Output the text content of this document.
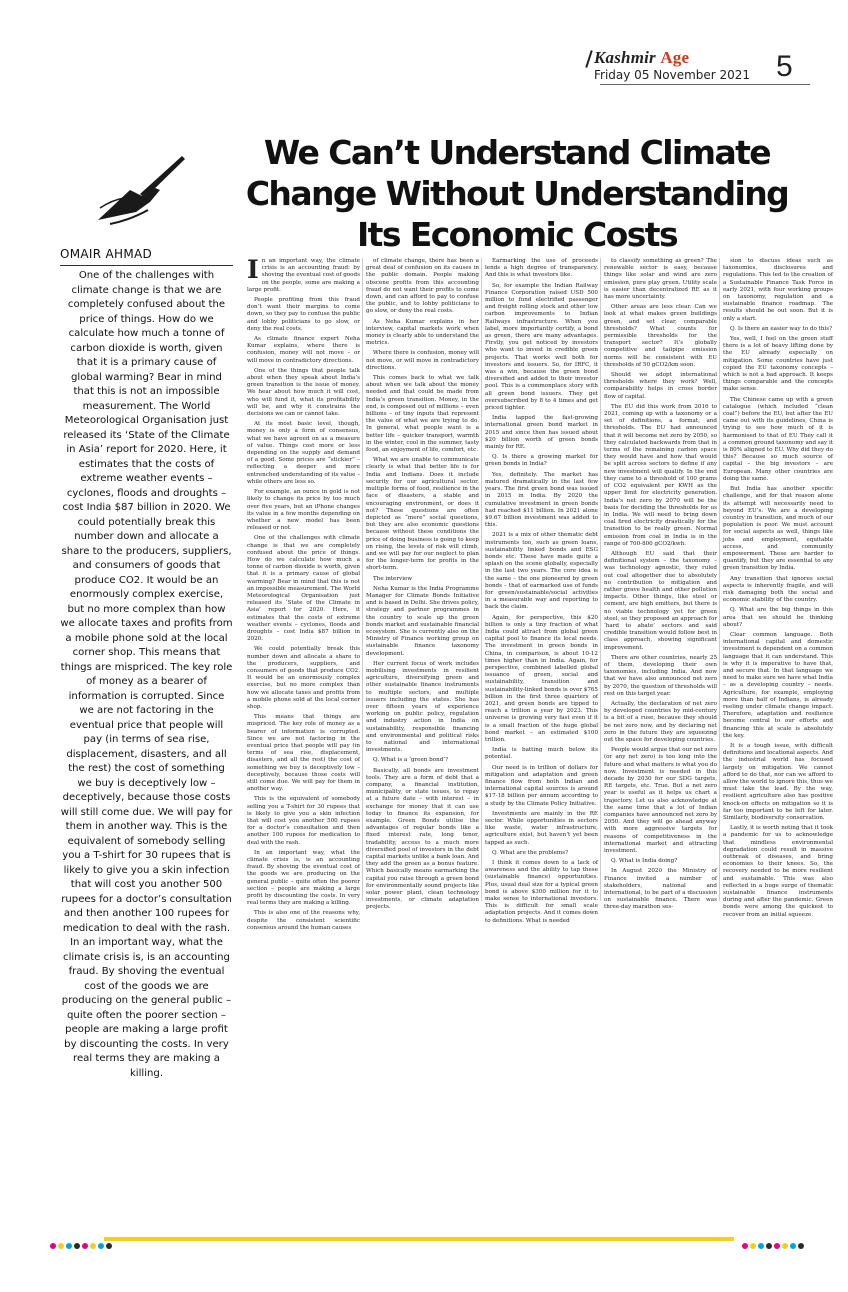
Kashmir Age
Friday 05 November 2021 5
We Can’t Understand Climate Change Without Understanding Its Economic Costs
OMAIR AHMAD
One of the challenges with climate change is that we are completely confused about the price of things. How do we calculate how much a tonne of carbon dioxide is worth, given that it is a primary cause of global warming? Bear in mind that this is not an impossible measurement. The World Meteorological Organisation just released its ‘State of the Climate in Asia’ report for 2020. Here, it estimates that the costs of extreme weather events – cyclones, floods and droughts – cost India $87 billion in 2020. We could potentially break this number down and allocate a share to the producers, suppliers, and consumers of goods that produce CO2. It would be an enormously complex exercise, but no more complex than how we allocate taxes and profits from a mobile phone sold at the local corner shop. This means that things are mispriced. The key role of money as a bearer of information is corrupted. Since we are not factoring in the eventual price that people will pay (in terms of sea rise, displacement, disasters, and all the rest) the cost of something we buy is deceptively low – deceptively, because those costs will still come due. We will pay for them in another way. This is the equivalent of somebody selling you a T-shirt for 30 rupees that is likely to give you a skin infection that will cost you another 500 rupees for a doctor’s consultation and then another 100 rupees for medication to deal with the rash. In an important way, what the climate crisis is, is an accounting fraud. By shoving the eventual cost of the goods we are producing on the general public – quite often the poorer section – people are making a large profit by discounting the costs. In very real terms they are making a killing.

In an important way, the climate crisis is an accounting fraud: by shoving the eventual cost of goods on the people, some are making a large profit.

People profiting from this fraud don’t want their margins to come down, so they pay to confuse the public and lobby politicians to go slow, or deny the real costs.

As climate finance expert Neha Kumar explains, where there is confusion, money will not move – or will move in contradictory directions.

One of the things that people talk about when they speak about India’s green transition is the issue of money. We hear about how much it will cost, who will fund it, what its profitability will be, and why it constrains the decisions we can or cannot take.

At its most basic level, though, money is only a form of consensus, what we have agreed on as a measure of value. Things cost more or less depending on the supply and demand of a good. Some prices are “stickier” – reflecting a deeper and more entrenched understanding of its value – while others are less so.

For example, an ounce in gold is not likely to change its price by too much over five years, but an iPhone changes its value in a few months depending on whether a new model has been released or not.

One of the challenges with climate change is that we are completely confused about the price of things. How do we calculate how much a tonne of carbon dioxide is worth, given that it is a primary cause of global warming? Bear in mind that this is not an impossible measurement. The World Meteorological Organisation just released its ‘State of the Climate in Asia’ report for 2020. Here, it estimates that the costs of extreme weather events – cyclones, floods and droughts – cost India $87 billion in 2020.

We could potentially break this number down and allocate a share to the producers, suppliers, and consumers of goods that produce CO2. It would be an enormously complex exercise, but no more complex than how we allocate taxes and profits from a mobile phone sold at the local corner shop.

This means that things are mispriced. The key role of money as a bearer of information is corrupted. Since we are not factoring in the eventual price that people will pay (in terms of sea rise, displacement, disasters, and all the rest) the cost of something we buy is deceptively low – deceptively, because those costs will still come due. We will pay for them in another way.

This is the equivalent of somebody selling you a T-shirt for 30 rupees that is likely to give you a skin infection that will cost you another 500 rupees for a doctor’s consultation and then another 100 rupees for medication to deal with the rash.

In an important way, what the climate crisis is, is an accounting fraud. By shoving the eventual cost of the goods we are producing on the general public – quite often the poorer section – people are making a large profit by discounting the costs. In very real terms they are making a killing.

This is also one of the reasons why, despite the consistent scientific consensus around the human causes

of climate change, there has been a great deal of confusion on its causes in the public domain. People making obscene profits from this accounting fraud do not want their profits to come down, and can afford to pay to confuse the public, and to lobby politicians to go slow, or deny the real costs.

As Neha Kumar explains in her interview, capital markets work when money is clearly able to understand the metrics.

Where there is confusion, money will not move, or will move in contradictory directions.

This comes back to what we talk about when we talk about the money needed and that could be made from India’s green transition. Money, in the end, is composed out of millions – even billions – of tiny inputs that represent the value of what we are trying to do. In general, what people want is a better life – quicker transport, warmth in the winter, cool in the summer, tasty food, an enjoyment of life, comfort, etc.

What we are unable to communicate clearly is what that better life is for India and Indians. Does it include security for our agricultural sector, multiple forms of food, resilience in the face of disasters, a stable and encouraging environment, or does it not? These questions are often depicted as “mere” social questions, but they are also economic questions because without these conditions the price of doing business is going to keep on rising, the levels of risk will climb, and we will pay for our neglect to plan for the longer-term for profits in the short-term.

The interview

Neha Kumar is the India Programme Manager for Climate Bonds Initiative and is based in Delhi. She drives policy, strategy and partner programmes in the country to scale up the green bonds market and sustainable financial ecosystem. She is currently also on the Ministry of Finance working group on sustainable finance taxonomy development.

Her current focus of work includes mobilising investments in resilient agriculture, diversifying green and other sustainable finance instruments to multiple sectors, and multiple issuers including the states. She has over fifteen years of experience working on public policy, regulation and industry action in India on sustainability, responsible financing and environmental and political risks to national and international investments.

Q. What is a ‘green bond’?

Basically, all bonds are investment tools. They are a form of debt that a company, a financial institution, municipality, or state issues, to repay at a future date – with interest – in exchange for money that it can use today to finance its expansion, for example. Green Bonds utilise the advantages of regular bonds like a fixed interest rate, long tenor, tradability, access to a much more diversified pool of investors in the debt capital markets unlike a bank loan. And they add the green as a bonus feature. Which basically means earmarking the capital you raise through a green bond for environmentally sound projects like solar power plant, clean technology investments, or climate adaptation projects.

Earmarking the use of proceeds lends a high degree of transparency. And this is what investors like.

So, for example the Indian Railway Finance Corporation raised USD 500 million to fund electrified passenger and freight rolling stock and other low carbon improvements to Indian Railways infrastructure. When you label, more importantly certify, a bond as green, there are many advantages. Firstly, you get noticed by investors who want to invest in credible green projects. That works well both for investors and issuers. So, for IRFC, it was a win, because the green bond diversified and added to their investor pool. This is a commonplace story with all green bond issuers. They get oversubscribed by 8 to 4 times and get priced tighter.

India tapped the fast-growing international green bond market in 2015 and since then has issued about $20 billion worth of green bonds mainly for RE.

Q. Is there a growing market for green bonds in India?

Yes, definitely. The market has matured dramatically in the last few years. The first green bond was issued in 2015 in India. By 2020 the cumulative investment in green bonds had reached $11 billion. In 2021 alone $9.67 billion investment was added to this.

2021 is a mix of other thematic debt instruments too, such as green loans, sustainability linked bonds and ESG bonds etc. These have made quite a splash on the scene globally, especially in the last two years. The core idea is the same – the one pioneered by green bonds – that of earmarked use of funds for green/sustainable/social activities in a measurable way and reporting to back the claim.

Again, for perspective, this $20 billion is only a tiny fraction of what India could attract from global green capital pool to finance its local needs. The investment in green bonds in China, in comparison, is about 10-12 times higher than in India. Again, for perspective, combined labelled global issuance of green, social and sustainability, transition and sustainability-linked bonds is over $765 billion in the first three quarters of 2021, and green bonds are tipped to reach a trillion a year by 2023. This universe is growing very fast even if it is a small fraction of the huge global bond market – an estimated $100 trillion.

India is batting much below its potential.

Our need is in trillion of dollars for mitigation and adaptation and green finance flow from both Indian and international capital sources is around $17-18 billion per annum according to a study by the Climate Policy Initiative.

Investments are mainly in the RE sector. While opportunities in sectors like waste, water infrastructure, agriculture exist, but haven’t yet been tapped as such.

Q. What are the problems?

I think it comes down to a lack of awareness and the ability to tap these (sustainable finance) opportunities. Plus, usual deal size for a typical green bond is above $300 million for it to make sense to international investors. This is difficult for small scale adaptation projects. And it comes down to definitions. What is needed

to classify something as green? The renewable sector is easy, because things like solar and wind are zero emission, pure play green. Utility scale is easier than decentralized RE as it has more uncertainty.

Other areas are less clear. Can we look at what makes green buildings green, and set clear, comparable thresholds? What counts for permissible thresholds for the transport sector? It’s globally competitive and tailpipe emission norms will be consistent with EU thresholds of 50 gCO2/km soon.

Should we adopt international thresholds where they work? Well, comparability helps in cross border flow of capital.

The EU did this work from 2016 to 2021, coming up with a taxonomy or a set of definitions, a format, and thresholds. The EU had announced that it will become net zero by 2050, so they calculated backwards from that in terms of the remaining carbon space they would have and how that would be split across sectors to define if any new investment will qualify. In the end they came to a threshold of 100 grams of CO2 equivalent per KWH as the upper limit for electricity generation. India’s net zero by 2070 will be the basis for deciding the thresholds for us in India. We will need to bring down coal fired electricity drastically for the transition to be really green. Normal emission from coal in India is in the range of 700-800 gCO2/kwh.

Although EU said that their definitional system – the taxonomy – was technology agnostic, they ruled out coal altogether due to absolutely no contribution to mitigation and rather grave health and other pollution impacts. Other things, like steel or cement, are high emitters, but there is no viable technology yet for green steel, so they proposed an approach for ‘hard to abate’ sectors and said credible transition would follow best in class approach, showing significant improvement.

There are other countries, nearly 25 of them, developing their own taxonomies, including India. And now that we have also announced net zero by 2070, the question of thresholds will rest on this target year.

Actually, the declaration of net zero by developed countries by mid-century is a bit of a ruse, because they should be net zero now, and by declaring net zero in the future they are squeezing out the space for developing countries.

People would argue that our net zero (or any net zero) is too long into the future and what matters is what you do now. Investment is needed in this decade by 2030 for our SDG targets, RE targets, etc. True. But a net zero year is useful as it helps us chart a trajectory. Let us also acknowledge at the same time that a lot of Indian companies have announced net zero by 2050. And they will go ahead anyway with more aggressive targets for reasons of competitiveness in the international market and attracting investment.

Q. What is India doing?

In August 2020 the Ministry of Finance invited a number of stakeholders, national and international, to be part of a discussion on sustainable finance. There was three-day marathon ses-

sion to discuss ideas such as taxonomies, disclosures and regulations. This led to the creation of a Sustainable Finance Task Force in early 2021, with four working groups on taxonomy, regulation and a sustainable finance roadmap. The results should be out soon. But it is only a start.

Q. Is there an easier way to do this?

Yes, well, I feel on the green stuff there is a lot of heavy lifting done by the EU already especially on mitigation. Some countries have just copied the EU taxonomy concepts – which is not a bad approach. It keeps things comparable and the concepts make sense.

The Chinese came up with a green catalogue (which included “clean coal”) before the EU, but after the EU came out with its guidelines, China is trying to see how much of it is harmonised to that of EU They call it a common ground taxonomy and say it is 80% aligned to EU. Why did they do this? Because so much source of capital – the big investors – are European. Many other countries are doing the same.

But India has another specific challenge, and for that reason alone its attempt will necessarily need to beyond EU’s. We are a developing country in transition, and much of our population is poor. We must account for social aspects as well, things like jobs and employment, equitable access, and community empowerment. These are harder to quantify, but they are essential to any green transition by India.

Any transition that ignores social aspects is inherently fragile, and will risk damaging both the social and economic stability of the country.

Q. What are the big things in this area that we should be thinking about?

Clear common language. Both international capital and domestic investment is dependent on a common language that it can understand. This is why it is imperative to have that, and secure that. In that language we need to make sure we have what India – as a developing country – needs. Agriculture, for example, employing more than half of Indians, is already reeling under climate change impact. Therefore, adaptation and resilience become central to our efforts and financing this at scale is absolutely the key.

It is a tough issue, with difficult definitions and locational aspects. And the industrial world has focused largely on mitigation. We cannot afford to do that, nor can we afford to allow the world to ignore this, thus we must take the lead. By the way, resilient agriculture also has positive knock-on effects on mitigation so it is far too important to be left for later. Similarly, biodiversity conservation.

Lastly, it is worth noting that it took a pandemic for us to acknowledge that mindless environmental degradation could result in massive outbreak of diseases, and bring economies to their knees. So, the recovery needed to be more resilient and sustainable. This was also reflected in a huge surge of thematic sustainable finance instruments during and after the pandemic. Green bonds were among the quickest to recover from an initial squeeze.
